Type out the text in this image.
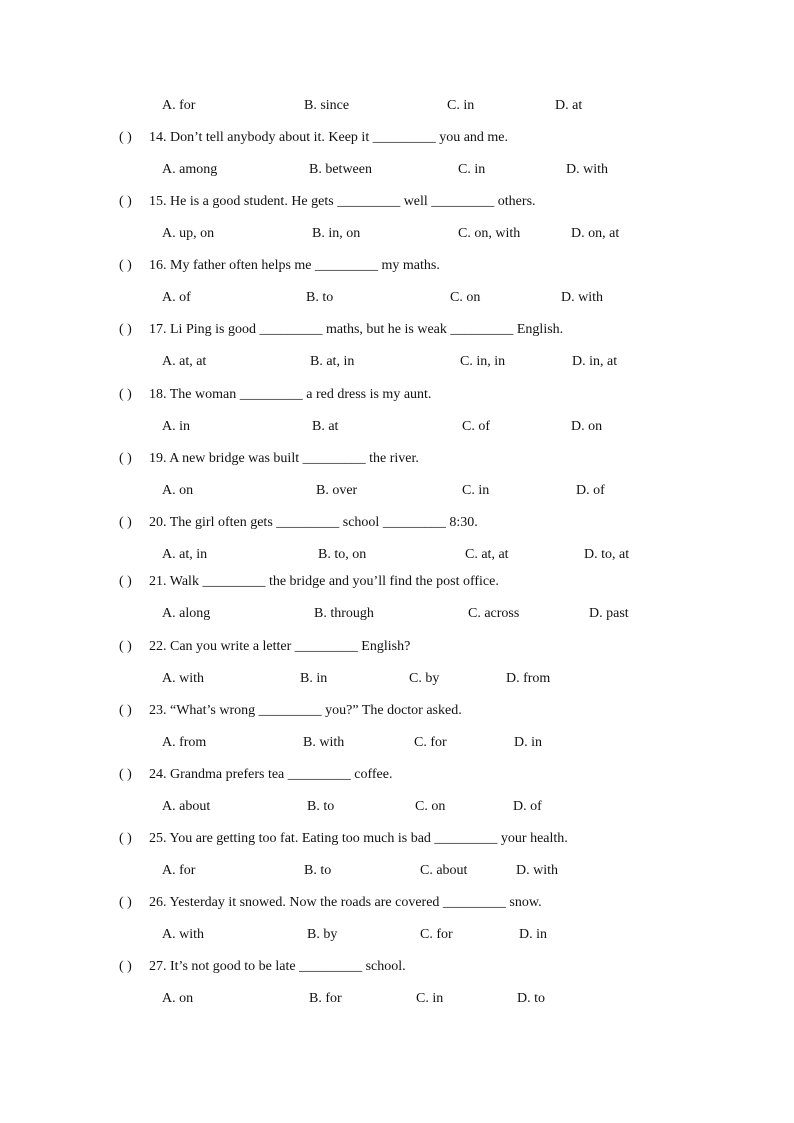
A. for	B. since	C. in	D. at
( ) 14. Don’t tell anybody about it. Keep it _________ you and me.
A. among	B. between	C. in	D. with
( ) 15. He is a good student. He gets _________ well _________ others.
A. up, on	B. in, on	C. on, with	D. on, at
( ) 16. My father often helps me _________ my maths.
A. of	B. to	C. on	D. with
( ) 17. Li Ping is good _________ maths, but he is weak _________ English.
A. at, at	B. at, in	C. in, in	D. in, at
( ) 18. The woman _________ a red dress is my aunt.
A. in	B. at	C. of	D. on
( ) 19. A new bridge was built _________ the river.
A. on	B. over	C. in	D. of
( ) 20. The girl often gets _________ school _________ 8:30.
A. at, in	B. to, on	C. at, at	D. to, at
( ) 21. Walk _________ the bridge and you’ll find the post office.
A. along	B. through	C. across	D. past
( ) 22. Can you write a letter _________ English?
A. with	B. in	C. by	D. from
( ) 23. “What’s wrong _________ you?” The doctor asked.
A. from	B. with	C. for	D. in
( ) 24. Grandma prefers tea _________ coffee.
A. about	B. to	C. on	D. of
( ) 25. You are getting too fat. Eating too much is bad _________ your health.
A. for	B. to	C. about	D. with
( ) 26. Yesterday it snowed. Now the roads are covered _________ snow.
A. with	B. by	C. for	D. in
( ) 27. It’s not good to be late _________ school.
A. on	B. for	C. in	D. to
